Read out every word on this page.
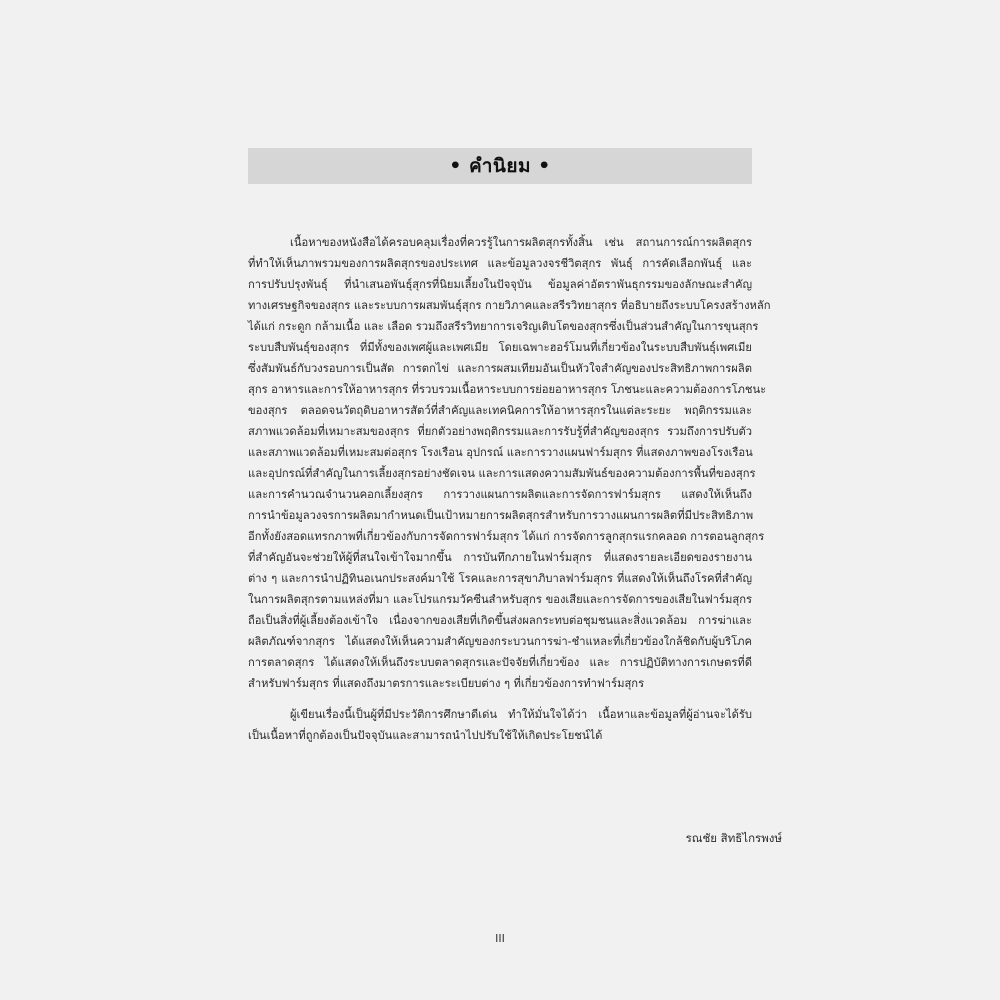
• คำนิยม •

เนื้อหาของหนังสือได้ครอบคลุมเรื่องที่ควรรู้ในการผลิตสุกรทั้งสิ้น เช่น สถานการณ์การผลิตสุกร
ที่ทำให้เห็นภาพรวมของการผลิตสุกรของประเทศ และข้อมูลวงจรชีวิตสุกร พันธุ์ การคัดเลือกพันธุ์ และ
การปรับปรุงพันธุ์ ที่นำเสนอพันธุ์สุกรที่นิยมเลี้ยงในปัจจุบัน ข้อมูลค่าอัตราพันธุกรรมของลักษณะสำคัญ
ทางเศรษฐกิจของสุกร และระบบการผสมพันธุ์สุกร กายวิภาคและสรีรวิทยาสุกร ที่อธิบายถึงระบบโครงสร้างหลัก
ได้แก่ กระดูก กล้ามเนื้อ และ เลือด รวมถึงสรีรวิทยาการเจริญเติบโตของสุกรซึ่งเป็นส่วนสำคัญในการขุนสุกร
ระบบสืบพันธุ์ของสุกร ที่มีทั้งของเพศผู้และเพศเมีย โดยเฉพาะฮอร์โมนที่เกี่ยวข้องในระบบสืบพันธุ์เพศเมีย
ซึ่งสัมพันธ์กับวงรอบการเป็นสัด การตกไข่ และการผสมเทียมอันเป็นหัวใจสำคัญของประสิทธิภาพการผลิต
สุกร อาหารและการให้อาหารสุกร ที่รวบรวมเนื้อหาระบบการย่อยอาหารสุกร โภชนะและความต้องการโภชนะ
ของสุกร ตลอดจนวัตถุดิบอาหารสัตว์ที่สำคัญและเทคนิคการให้อาหารสุกรในแต่ละระยะ พฤติกรรมและ
สภาพแวดล้อมที่เหมาะสมของสุกร ที่ยกตัวอย่างพฤติกรรมและการรับรู้ที่สำคัญของสุกร รวมถึงการปรับตัว
และสภาพแวดล้อมที่เหมะสมต่อสุกร โรงเรือน อุปกรณ์ และการวางแผนฟาร์มสุกร ที่แสดงภาพของโรงเรือน
และอุปกรณ์ที่สำคัญในการเลี้ยงสุกรอย่างชัดเจน และการแสดงความสัมพันธ์ของความต้องการพื้นที่ของสุกร
และการคำนวณจำนวนคอกเลี้ยงสุกร การวางแผนการผลิตและการจัดการฟาร์มสุกร แสดงให้เห็นถึง
การนำข้อมูลวงจรการผลิตมากำหนดเป็นเป้าหมายการผลิตสุกรสำหรับการวางแผนการผลิตที่มีประสิทธิภาพ
อีกทั้งยังสอดแทรกภาพที่เกี่ยวข้องกับการจัดการฟาร์มสุกร ได้แก่ การจัดการลูกสุกรแรกคลอด การตอนลูกสุกร
ที่สำคัญอันจะช่วยให้ผู้ที่สนใจเข้าใจมากขึ้น การบันทึกภายในฟาร์มสุกร ที่แสดงรายละเอียดของรายงาน
ต่าง ๆ และการนำปฏิทินอเนกประสงค์มาใช้ โรคและการสุขาภิบาลฟาร์มสุกร ที่แสดงให้เห็นถึงโรคที่สำคัญ
ในการผลิตสุกรตามแหล่งที่มา และโปรแกรมวัคซีนสำหรับสุกร ของเสียและการจัดการของเสียในฟาร์มสุกร
ถือเป็นสิ่งที่ผู้เลี้ยงต้องเข้าใจ เนื่องจากของเสียที่เกิดขึ้นส่งผลกระทบต่อชุมชนและสิ่งแวดล้อม การฆ่าและ
ผลิตภัณฑ์จากสุกร ได้แสดงให้เห็นความสำคัญของกระบวนการฆ่า-ชำแหละที่เกี่ยวข้องใกล้ชิดกับผู้บริโภค
การตลาดสุกร ได้แสดงให้เห็นถึงระบบตลาดสุกรและปัจจัยที่เกี่ยวข้อง และ การปฏิบัติทางการเกษตรที่ดี
สำหรับฟาร์มสุกร ที่แสดงถึงมาตรการและระเบียบต่าง ๆ ที่เกี่ยวข้องการทำฟาร์มสุกร

ผู้เขียนเรื่องนี้เป็นผู้ที่มีประวัติการศึกษาดีเด่น ทำให้มั่นใจได้ว่า เนื้อหาและข้อมูลที่ผู้อ่านจะได้รับ
เป็นเนื้อหาที่ถูกต้องเป็นปัจจุบันและสามารถนำไปปรับใช้ให้เกิดประโยชน์ได้

รณชัย สิทธิไกรพงษ์
III
